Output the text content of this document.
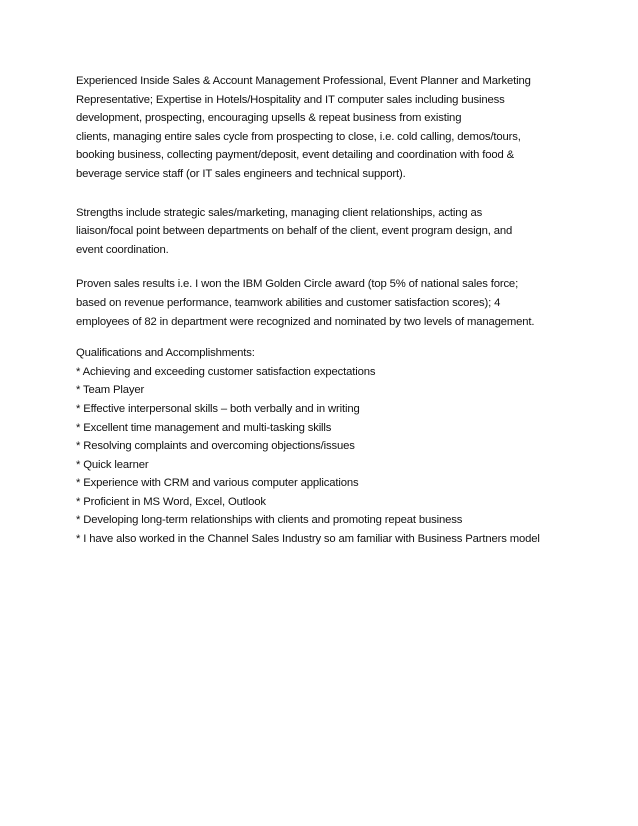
Experienced Inside Sales & Account Management Professional, Event Planner and Marketing
Representative; Expertise in Hotels/Hospitality and IT computer sales including business
development, prospecting, encouraging upsells & repeat business from existing
clients, managing entire sales cycle from prospecting to close, i.e. cold calling, demos/tours,
booking business, collecting payment/deposit, event detailing and coordination with food &
beverage service staff (or IT sales engineers and technical support).
Strengths include strategic sales/marketing, managing client relationships, acting as
liaison/focal point between departments on behalf of the client, event program design, and
event coordination.
Proven sales results i.e. I won the IBM Golden Circle award (top 5% of national sales force;
based on revenue performance, teamwork abilities and customer satisfaction scores); 4
employees of 82 in department were recognized and nominated by two levels of management.
Qualifications and Accomplishments:
* Achieving and exceeding customer satisfaction expectations
* Team Player
* Effective interpersonal skills – both verbally and in writing
* Excellent time management and multi-tasking skills
* Resolving complaints and overcoming objections/issues
* Quick learner
* Experience with CRM and various computer applications
* Proficient in MS Word, Excel, Outlook
* Developing long-term relationships with clients and promoting repeat business
* I have also worked in the Channel Sales Industry so am familiar with Business Partners model
